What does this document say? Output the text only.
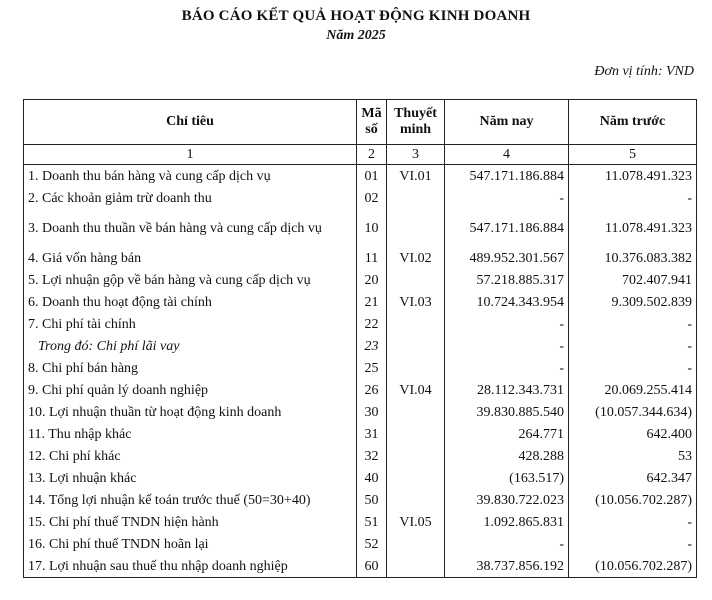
BÁO CÁO KẾT QUẢ HOẠT ĐỘNG KINH DOANH
Năm 2025
Đơn vị tính: VND
Chỉ tiêu	Mã số	Thuyết minh	Năm nay	Năm trước
1	2	3	4	5
1. Doanh thu bán hàng và cung cấp dịch vụ	01	VI.01	547.171.186.884	11.078.491.323
2. Các khoản giảm trừ doanh thu	02		-	-
3. Doanh thu thuần về bán hàng và cung cấp dịch vụ	10		547.171.186.884	11.078.491.323
4. Giá vốn hàng bán	11	VI.02	489.952.301.567	10.376.083.382
5. Lợi nhuận gộp về bán hàng và cung cấp dịch vụ	20		57.218.885.317	702.407.941
6. Doanh thu hoạt động tài chính	21	VI.03	10.724.343.954	9.309.502.839
7. Chi phí tài chính	22		-	-
Trong đó: Chi phí lãi vay	23		-	-
8. Chi phí bán hàng	25		-	-
9. Chi phí quản lý doanh nghiệp	26	VI.04	28.112.343.731	20.069.255.414
10. Lợi nhuận thuần từ hoạt động kinh doanh	30		39.830.885.540	(10.057.344.634)
11. Thu nhập khác	31		264.771	642.400
12. Chi phí khác	32		428.288	53
13. Lợi nhuận khác	40		(163.517)	642.347
14. Tổng lợi nhuận kế toán trước thuế (50=30+40)	50		39.830.722.023	(10.056.702.287)
15. Chi phí thuế TNDN hiện hành	51	VI.05	1.092.865.831	-
16. Chi phí thuế TNDN hoãn lại	52		-	-
17. Lợi nhuận sau thuế thu nhập doanh nghiệp	60		38.737.856.192	(10.056.702.287)
